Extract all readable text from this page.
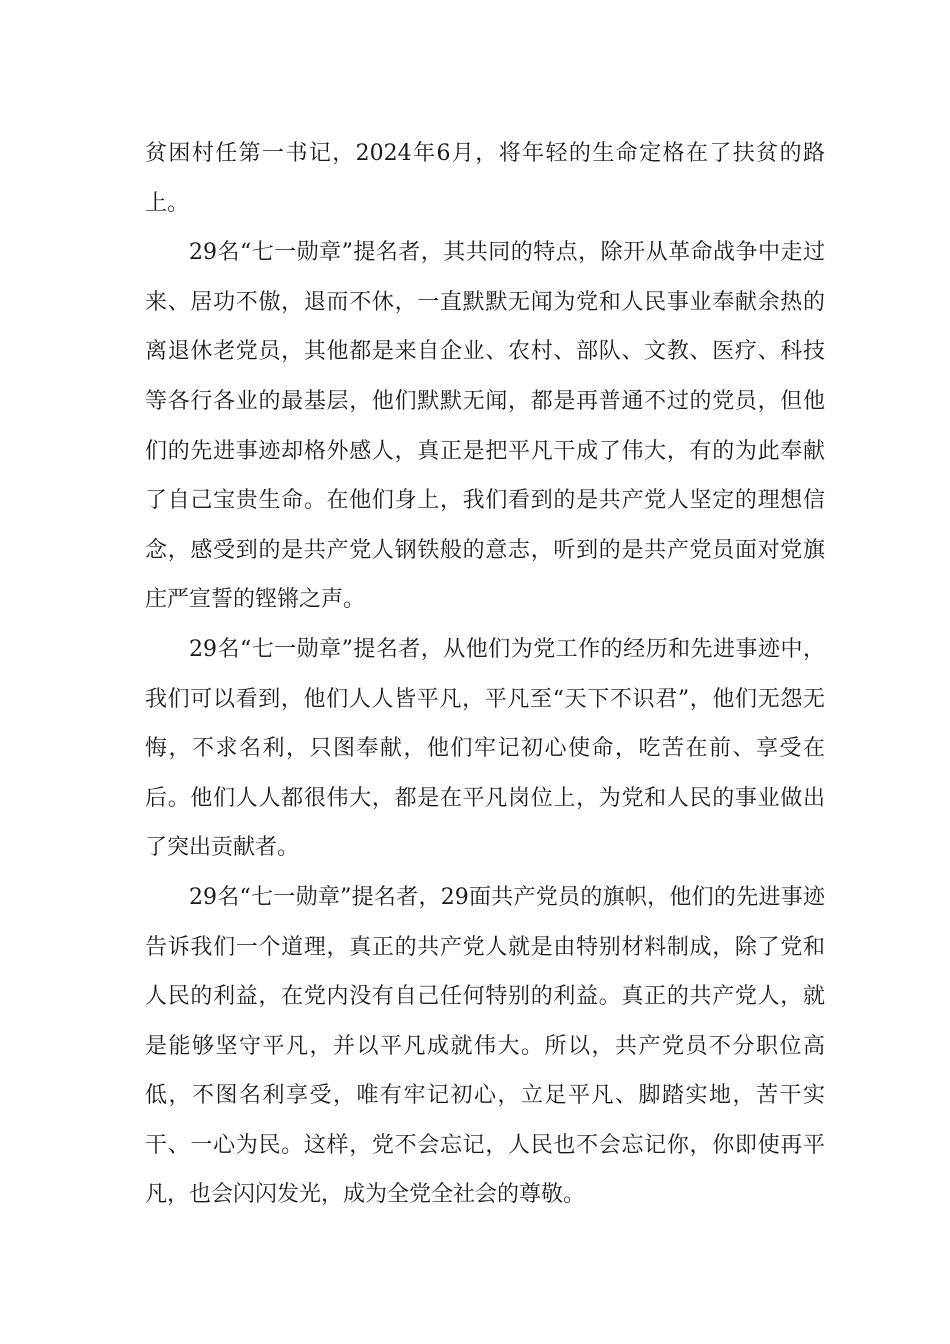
贫困村任第一书记，2024年6月，将年轻的生命定格在了扶贫的路上。

29名“七一勋章”提名者，其共同的特点，除开从革命战争中走过来、居功不傲，退而不休，一直默默无闻为党和人民事业奉献余热的离退休老党员，其他都是来自企业、农村、部队、文教、医疗、科技等各行各业的最基层，他们默默无闻，都是再普通不过的党员，但他们的先进事迹却格外感人，真正是把平凡干成了伟大，有的为此奉献了自己宝贵生命。在他们身上，我们看到的是共产党人坚定的理想信念，感受到的是共产党人钢铁般的意志，听到的是共产党员面对党旗庄严宣誓的铿锵之声。

29名“七一勋章”提名者，从他们为党工作的经历和先进事迹中，我们可以看到，他们人人皆平凡，平凡至“天下不识君”，他们无怨无悔，不求名利，只图奉献，他们牢记初心使命，吃苦在前、享受在后。他们人人都很伟大，都是在平凡岗位上，为党和人民的事业做出了突出贡献者。

29名“七一勋章”提名者，29面共产党员的旗帜，他们的先进事迹告诉我们一个道理，真正的共产党人就是由特别材料制成，除了党和人民的利益，在党内没有自己任何特别的利益。真正的共产党人，就是能够坚守平凡，并以平凡成就伟大。所以，共产党员不分职位高低，不图名利享受，唯有牢记初心，立足平凡、脚踏实地，苦干实干、一心为民。这样，党不会忘记，人民也不会忘记你，你即使再平凡，也会闪闪发光，成为全党全社会的尊敬。
